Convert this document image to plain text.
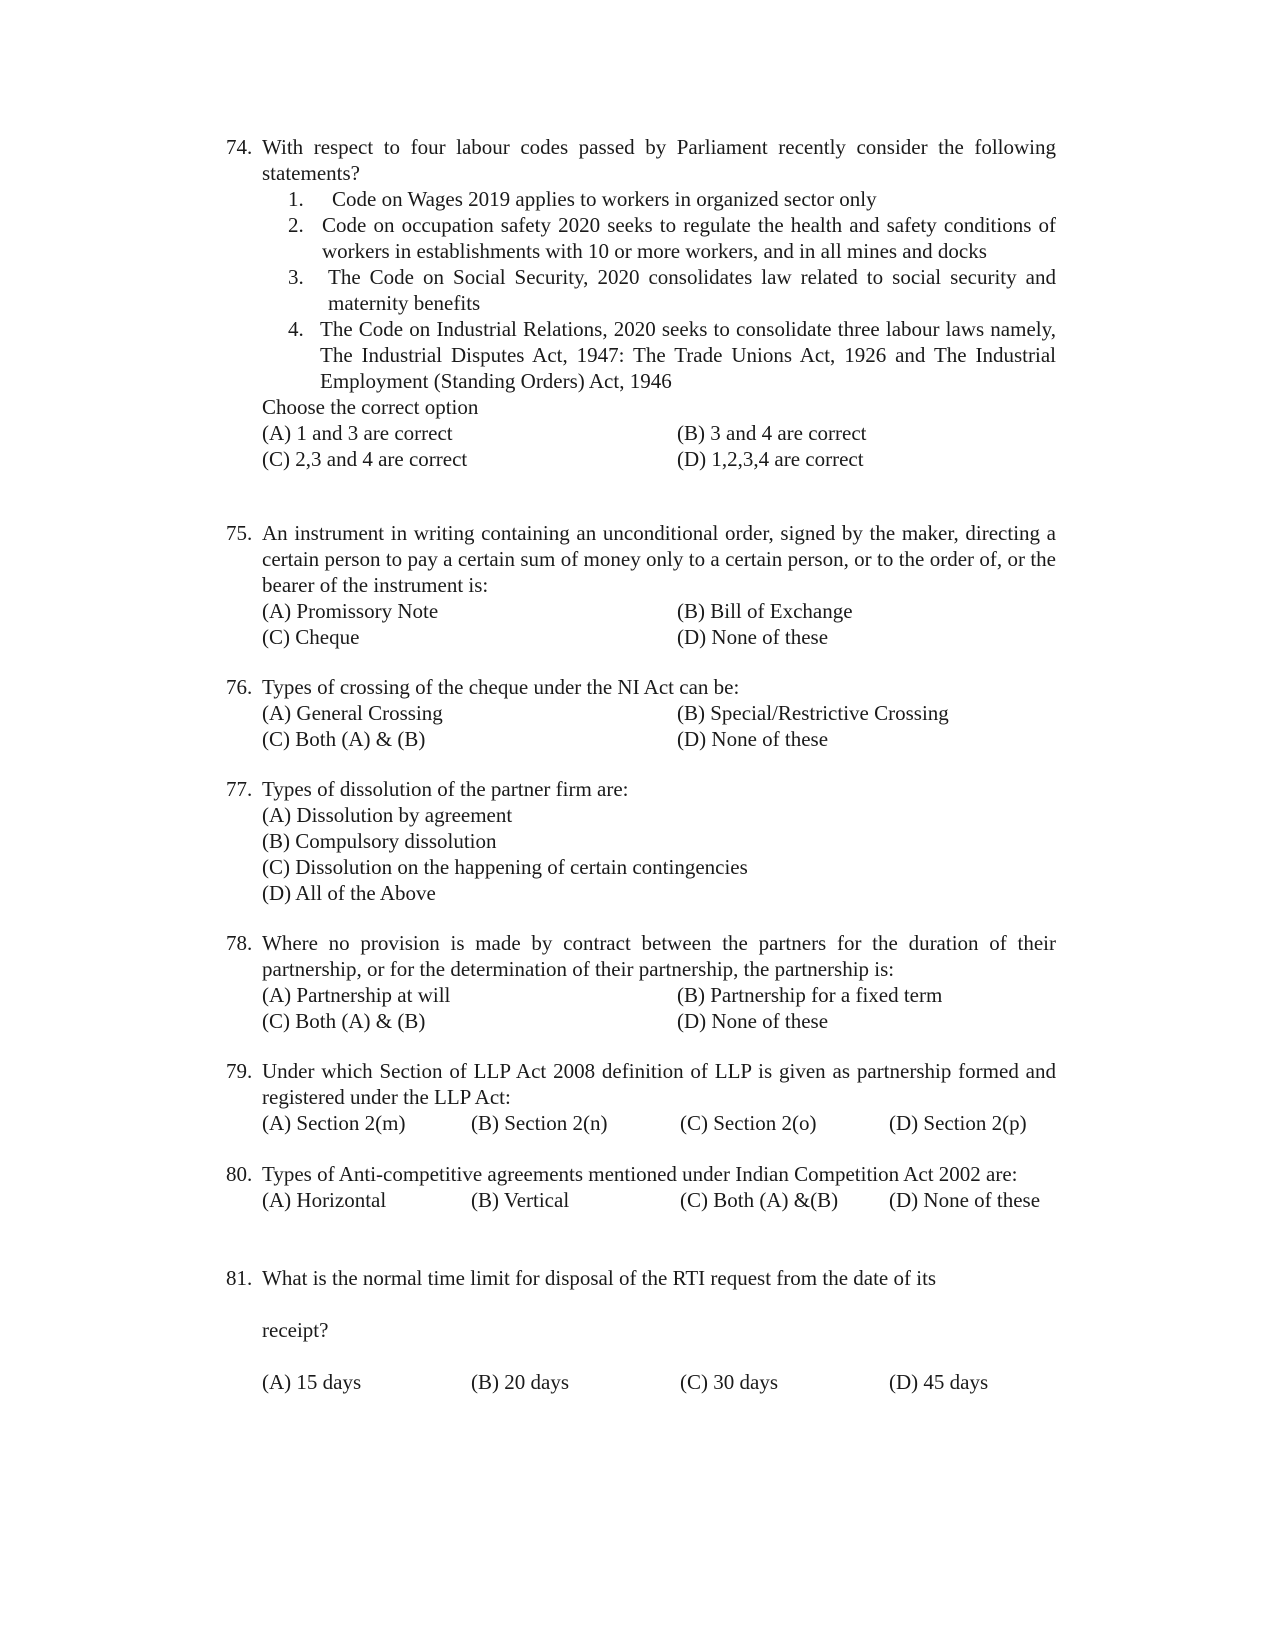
74. With respect to four labour codes passed by Parliament recently consider the following statements?
1.	Code on Wages 2019 applies to workers in organized sector only
2. Code on occupation safety 2020 seeks to regulate the health and safety conditions of workers in establishments with 10 or more workers, and in all mines and docks
3.	The Code on Social Security, 2020 consolidates law related to social security and maternity benefits
4. The Code on Industrial Relations, 2020 seeks to consolidate three labour laws namely, The Industrial Disputes Act, 1947: The Trade Unions Act, 1926 and The Industrial Employment (Standing Orders) Act, 1946
Choose the correct option
(A) 1 and 3 are correct	(B) 3 and 4 are correct
(C) 2,3 and 4 are correct	(D) 1,2,3,4 are correct
75. An instrument in writing containing an unconditional order, signed by the maker, directing a certain person to pay a certain sum of money only to a certain person, or to the order of, or the bearer of the instrument is:
(A) Promissory Note	(B) Bill of Exchange
(C) Cheque	(D) None of these
76. Types of crossing of the cheque under the NI Act can be:
(A) General Crossing	(B) Special/Restrictive Crossing
(C) Both (A) & (B)	(D) None of these
77. Types of dissolution of the partner firm are:
(A) Dissolution by agreement
(B) Compulsory dissolution
(C) Dissolution on the happening of certain contingencies
(D) All of the Above
78. Where no provision is made by contract between the partners for the duration of their partnership, or for the determination of their partnership, the partnership is:
(A) Partnership at will	(B) Partnership for a fixed term
(C) Both (A) & (B)	(D) None of these
79. Under which Section of LLP Act 2008 definition of LLP is given as partnership formed and registered under the LLP Act:
(A) Section 2(m)	(B) Section 2(n)	(C) Section 2(o)	(D) Section 2(p)
80. Types of Anti-competitive agreements mentioned under Indian Competition Act 2002 are:
(A) Horizontal	(B) Vertical	(C) Both (A) &(B)	(D) None of these
81. What is the normal time limit for disposal of the RTI request from the date of its
receipt?
(A) 15 days	(B) 20 days	(C) 30 days	(D) 45 days
